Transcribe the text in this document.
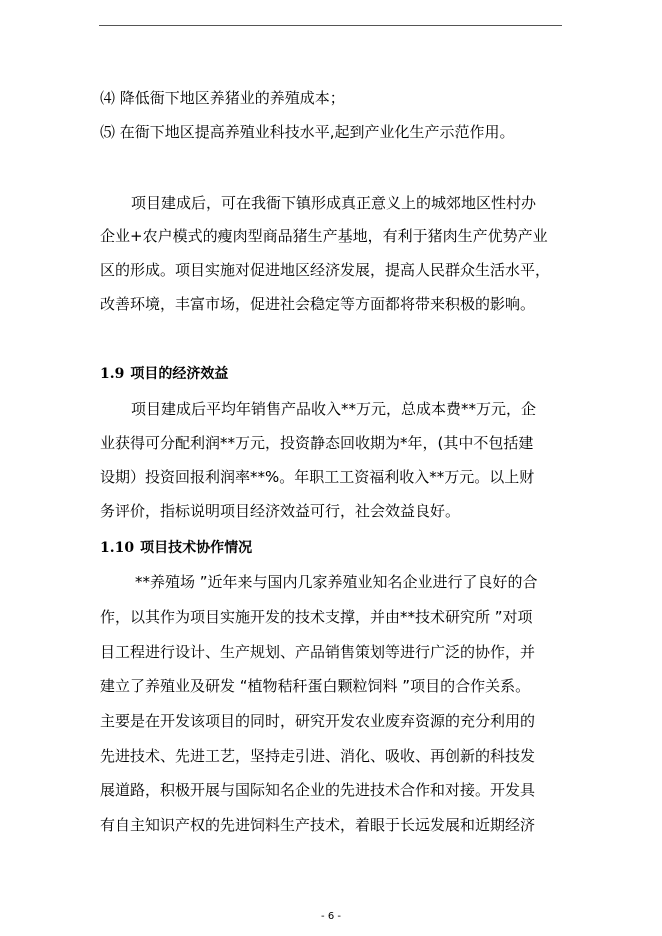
⑷ 降低衙下地区养猪业的养殖成本；
⑸ 在衙下地区提高养殖业科技水平,起到产业化生产示范作用。
项目建成后，可在我衙下镇形成真正意义上的城郊地区性村办
企业+农户模式的瘦肉型商品猪生产基地，有利于猪肉生产优势产业
区的形成。项目实施对促进地区经济发展，提高人民群众生活水平，
改善环境，丰富市场，促进社会稳定等方面都将带来积极的影响。
1.9 项目的经济效益
项目建成后平均年销售产品收入**万元，总成本费**万元，企
业获得可分配利润**万元，投资静态回收期为*年，(其中不包括建
设期）投资回报利润率**%。年职工工资福利收入**万元。以上财
务评价，指标说明项目经济效益可行，社会效益良好。
1.10 项目技术协作情况
**养殖场 ”近年来与国内几家养殖业知名企业进行了良好的合
作，以其作为项目实施开发的技术支撑，并由**技术研究所 ”对项
目工程进行设计、生产规划、产品销售策划等进行广泛的协作，并
建立了养殖业及研发 “植物秸秆蛋白颗粒饲料 ”项目的合作关系。
主要是在开发该项目的同时，研究开发农业废弃资源的充分利用的
先进技术、先进工艺，坚持走引进、消化、吸收、再创新的科技发
展道路，积极开展与国际知名企业的先进技术合作和对接。开发具
有自主知识产权的先进饲料生产技术，着眼于长远发展和近期经济
- 6 -
